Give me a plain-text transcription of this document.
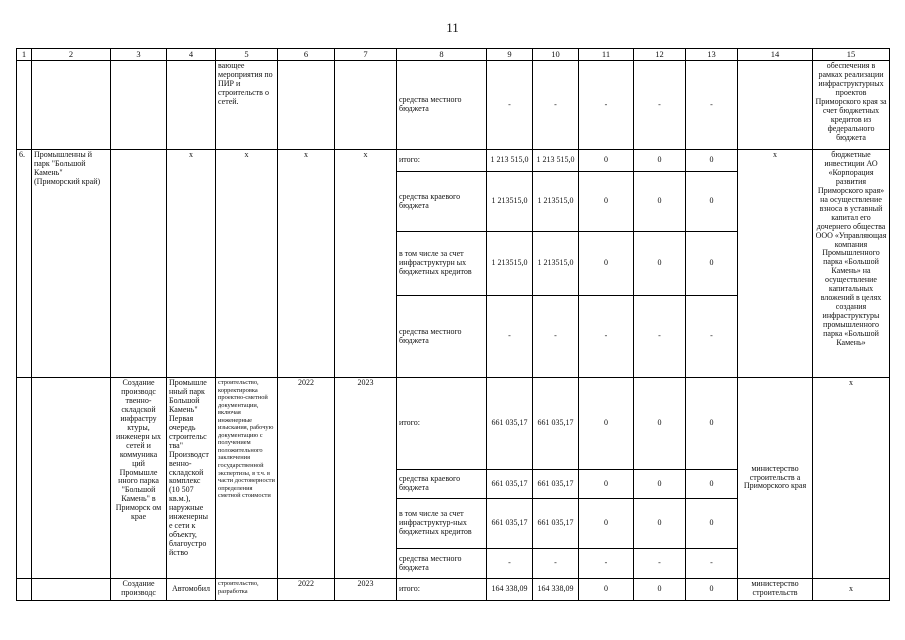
11
1	2	3	4	5	6	7	8	9	10	11	12	13	14	15
				вающее мероприятия по ПИР и строительств о сетей.			средства местного бюджета	-	-	-	-	-		обеспечения в рамках реализации инфраструктурных проектов Приморского края за счет бюджетных кредитов из федерального бюджета
6.	Промышленны й парк "Большой Камень" (Приморский край)		x	x	x	x	итого:	1 213 515,0	1 213 515,0	0	0	0	x	бюджетные инвестиции АО «Корпорация развития Приморского края» на осуществление взноса в уставный капитал его дочернего общества ООО «Управляющая компания Промышленного парка «Большой Камень» на осуществление капитальных вложений в целях создания инфраструктуры промышленного парка «Большой Камень»
							средства краевого бюджета	1 213515,0	1 213515,0	0	0	0		
							в том числе за счет инфраструктурн ых бюджетных кредитов	1 213515,0	1 213515,0	0	0	0		
							средства местного бюджета	-	-	-	-	-		
		Создание производс твенно-складской инфрастру ктуры, инженерн ых сетей и коммуника ций Промышле нного парка "Большой Камень" в Приморск ом крае	Промышле нный парк Большой Камень" Первая очередь строительс тва" Производст венно-складской комплекс (10 507 кв.м.), наружные инженерны е сети к объекту, благоустро йство	строительство, корректировка проектно-сметной документации, включая инженерные изыскания, рабочую документацию с получением положительного заключения государственной экспертизы, в т.ч. в части достоверности определения сметной стоимости	2022	2023	итого:	661 035,17	661 035,17	0	0	0	министерство строительств а Приморского края	x
							средства краевого бюджета	661 035,17	661 035,17	0	0	0		
							в том числе за счет инфраструктур-ных бюджетных кредитов	661 035,17	661 035,17	0	0	0		
							средства местного бюджета	-	-	-	-	-		
		Создание производс	Автомобил	строительство, разработка	2022	2023	итого:	164 338,09	164 338,09	0	0	0	министерство строительств	x
